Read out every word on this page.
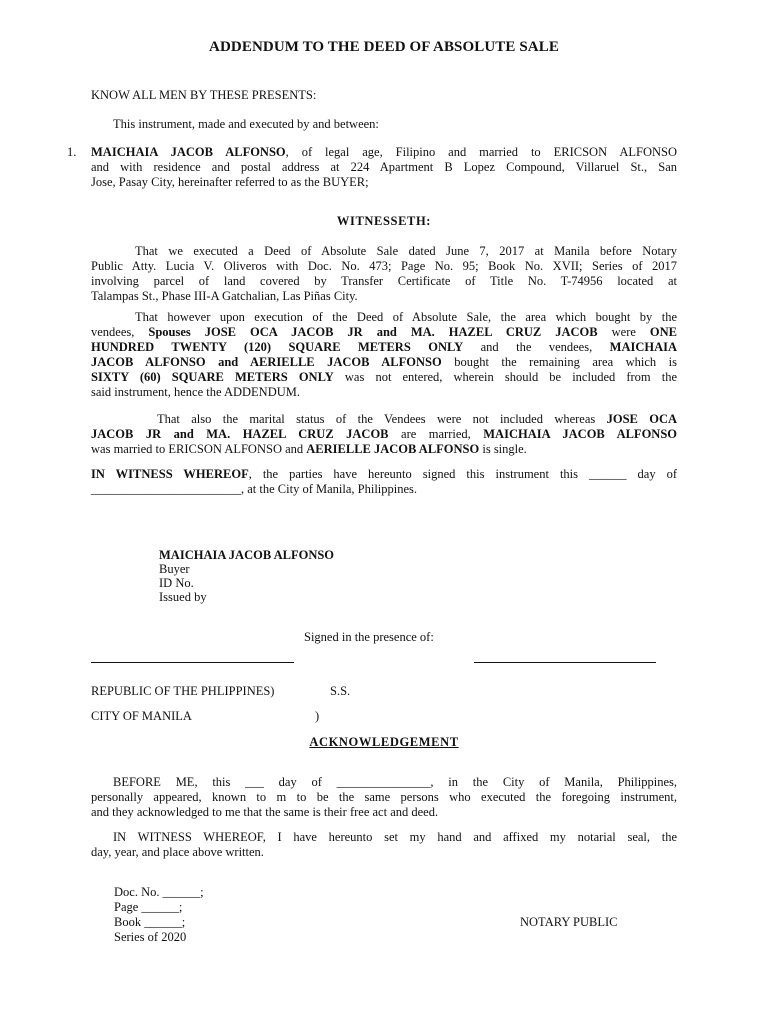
ADDENDUM TO THE DEED OF ABSOLUTE SALE
KNOW ALL MEN BY THESE PRESENTS:
This instrument, made and executed by and between:
1. MAICHAIA JACOB ALFONSO, of legal age, Filipino and married to ERICSON ALFONSO
and with residence and postal address at 224 Apartment B Lopez Compound, Villaruel St., San
Jose, Pasay City, hereinafter referred to as the BUYER;
WITNESSETH:
That we executed a Deed of Absolute Sale dated June 7, 2017 at Manila before Notary
Public Atty. Lucia V. Oliveros with Doc. No. 473; Page No. 95; Book No. XVII; Series of 2017
involving parcel of land covered by Transfer Certificate of Title No. T-74956 located at
Talampas St., Phase III-A Gatchalian, Las Piñas City.
That however upon execution of the Deed of Absolute Sale, the area which bought by the
vendees, Spouses JOSE OCA JACOB JR and MA. HAZEL CRUZ JACOB were ONE
HUNDRED TWENTY (120) SQUARE METERS ONLY and the vendees, MAICHAIA
JACOB ALFONSO and AERIELLE JACOB ALFONSO bought the remaining area which is
SIXTY (60) SQUARE METERS ONLY was not entered, wherein should be included from the
said instrument, hence the ADDENDUM.
That also the marital status of the Vendees were not included whereas JOSE OCA
JACOB JR and MA. HAZEL CRUZ JACOB are married, MAICHAIA JACOB ALFONSO
was married to ERICSON ALFONSO and AERIELLE JACOB ALFONSO is single.
IN WITNESS WHEREOF, the parties have hereunto signed this instrument this ______ day of
________________________, at the City of Manila, Philippines.
MAICHAIA JACOB ALFONSO
Buyer
ID No.
Issued by
Signed in the presence of:
REPUBLIC OF THE PHLIPPINES)	S.S.
CITY OF MANILA	)
ACKNOWLEDGEMENT
BEFORE ME, this ___ day of _______________, in the City of Manila, Philippines,
personally appeared, known to m to be the same persons who executed the foregoing instrument,
and they acknowledged to me that the same is their free act and deed.
IN WITNESS WHEREOF, I have hereunto set my hand and affixed my notarial seal, the
day, year, and place above written.
Doc. No. ______;
Page ______;
Book ______;
Series of 2020
NOTARY PUBLIC
